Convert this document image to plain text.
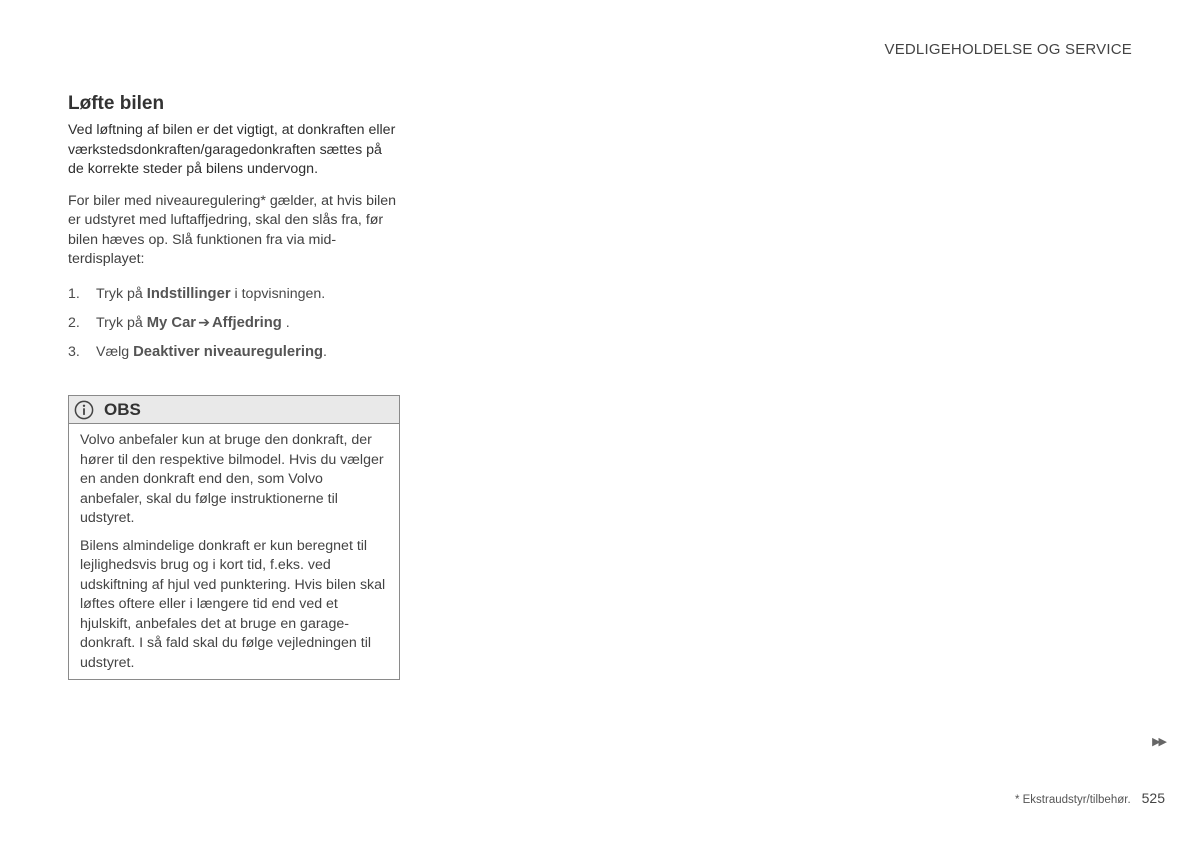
VEDLIGEHOLDELSE OG SERVICE
Løfte bilen

Ved løftning af bilen er det vigtigt, at donkraften eller værkstedsdonkraften/garagedonkraften sættes på de korrekte steder på bilens undervogn.

For biler med niveauregulering* gælder, at hvis bilen er udstyret med luftaffjedring, skal den slås fra, før bilen hæves op. Slå funktionen fra via midterdisplayet:

1.	Tryk på Indstillinger i topvisningen.
2.	Tryk på My Car ➔ Affjedring .
3.	Vælg Deaktiver niveauregulering.
OBS

Volvo anbefaler kun at bruge den donkraft, der hører til den respektive bilmodel. Hvis du vælger en anden donkraft end den, som Volvo anbefaler, skal du følge instruktionerne til udstyret.

Bilens almindelige donkraft er kun beregnet til lejlighedsvis brug og i kort tid, f.eks. ved udskiftning af hjul ved punktering. Hvis bilen skal løftes oftere eller i længere tid end ved et hjulskift, anbefales det at bruge en garagedonkraft. I så fald skal du følge vejledningen til udstyret.

▶▶
* Ekstraudstyr/tilbehør. 525
